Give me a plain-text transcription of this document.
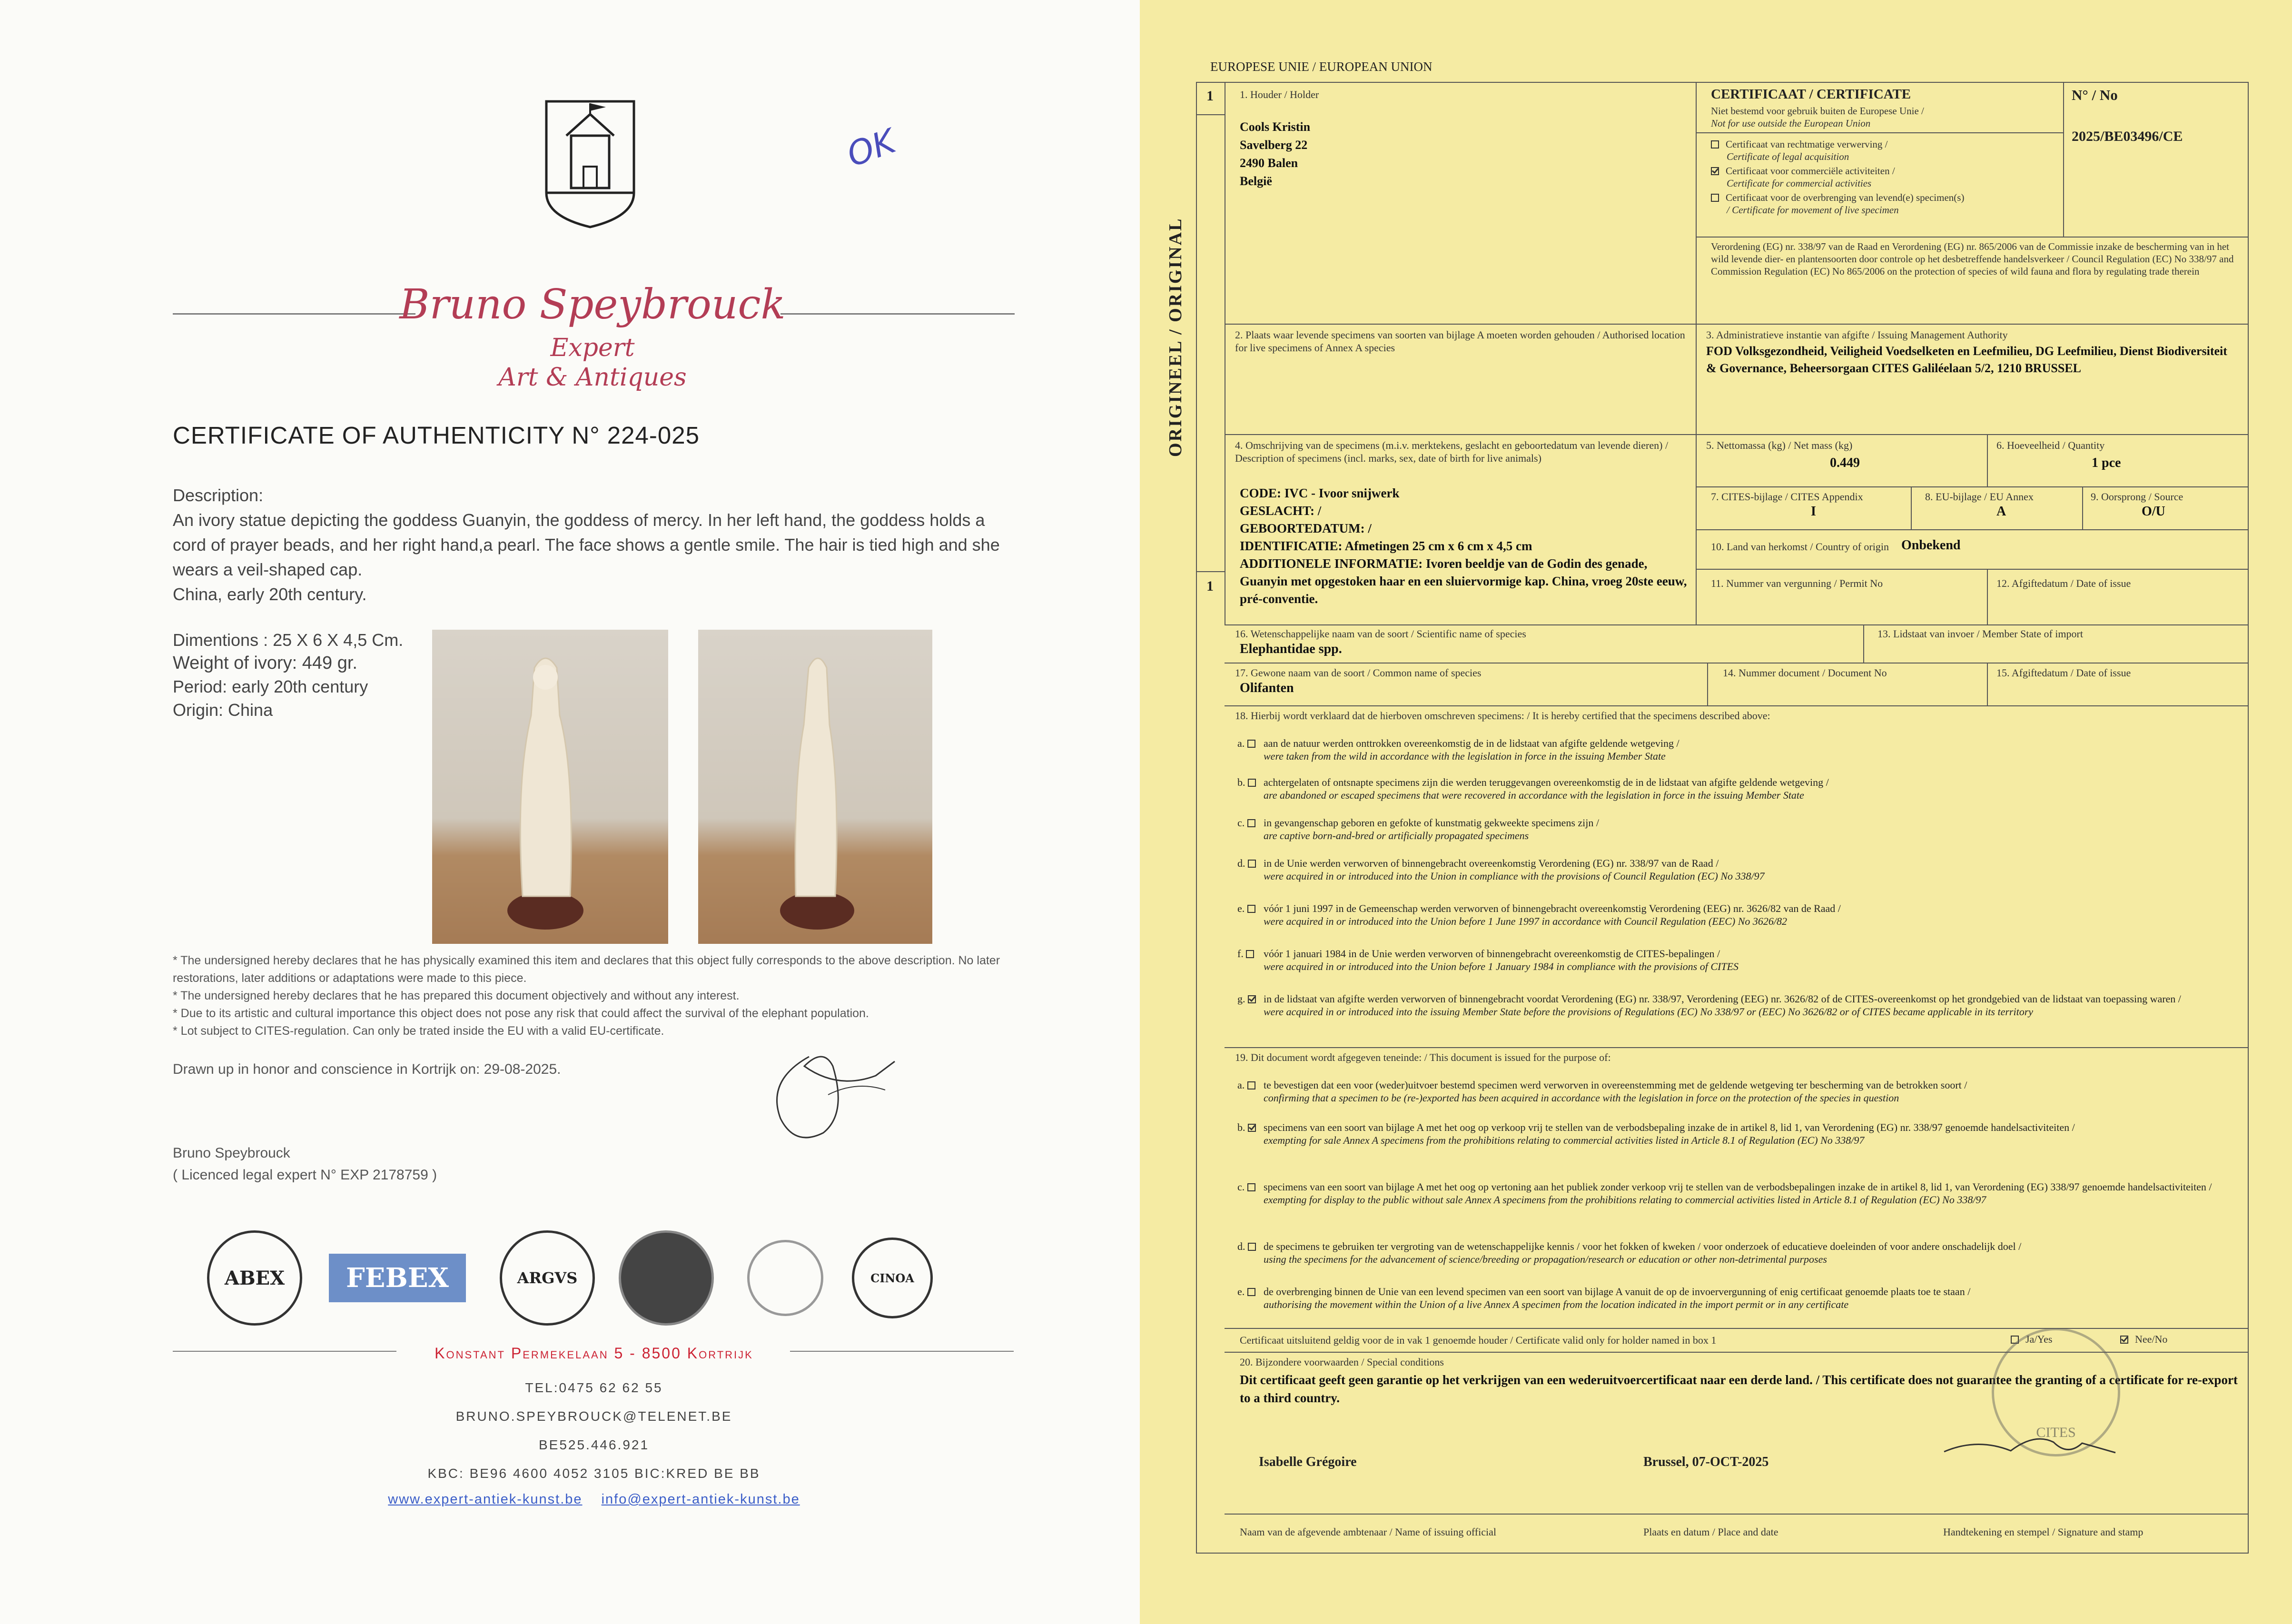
OK
Bruno Speybrouck
Expert
Art & Antiques
CERTIFICATE OF AUTHENTICITY N° 224-025
Description:
An ivory statue depicting the goddess Guanyin, the goddess of mercy. In her left hand, the goddess holds a cord of prayer beads, and her right hand,a pearl. The face shows a gentle smile. The hair is tied high and she wears a veil-shaped cap.
China, early 20th century.
Dimentions : 25 X 6 X 4,5 Cm.
Weight of ivory: 449 gr.
Period: early 20th century
Origin: China
* The undersigned hereby declares that he has physically examined this item and declares that this object fully corresponds to the above description. No later restorations, later additions or adaptations were made to this piece.
* The undersigned hereby declares that he has prepared this document objectively and without any interest.
* Due to its artistic and cultural importance this object does not pose any risk that could affect the survival of the elephant population.
* Lot subject to CITES-regulation. Can only be trated inside the EU with a valid EU-certificate.
Drawn up in honor and conscience in Kortrijk on: 29-08-2025.
Bruno Speybrouck
( Licenced legal expert N° EXP 2178759 )
ABEX	FEBEX	ARGVS	CINOA
Konstant Permekelaan 5 - 8500 Kortrijk
TEL:0475 62 62 55
BRUNO.SPEYBROUCK@TELENET.BE
BE525.446.921
KBC: BE96 4600 4052 3105 BIC:KRED BE BB
www.expert-antiek-kunst.be info@expert-antiek-kunst.be
EUROPESE UNIE / EUROPEAN UNION
1
1
ORIGINEEL / ORIGINAL
1. Houder / Holder
Cools Kristin
Savelberg 22
2490 Balen
België
CERTIFICAAT / CERTIFICATE
Niet bestemd voor gebruik buiten de Europese Unie /
Not for use outside the European Union
Certificaat van rechtmatige verwerving /
Certificate of legal acquisition
Certificaat voor commerciële activiteiten /
Certificate for commercial activities
Certificaat voor de overbrenging van levend(e) specimen(s)
/ Certificate for movement of live specimen
N° / No
2025/BE03496/CE
Verordening (EG) nr. 338/97 van de Raad en Verordening (EG) nr. 865/2006 van de Commissie inzake de bescherming van in het wild levende dier- en plantensoorten door controle op het desbetreffende handelsverkeer / Council Regulation (EC) No 338/97 and Commission Regulation (EC) No 865/2006 on the protection of species of wild fauna and flora by regulating trade therein
2. Plaats waar levende specimens van soorten van bijlage A moeten worden gehouden / Authorised location for live specimens of Annex A species
3. Administratieve instantie van afgifte / Issuing Management Authority
FOD Volksgezondheid, Veiligheid Voedselketen en Leefmilieu, DG Leefmilieu, Dienst Biodiversiteit & Governance, Beheersorgaan CITES Galiléelaan 5/2, 1210 BRUSSEL
4. Omschrijving van de specimens (m.i.v. merktekens, geslacht en geboortedatum van levende dieren) / Description of specimens (incl. marks, sex, date of birth for live animals)
CODE: IVC - Ivoor snijwerk
GESLACHT: /
GEBOORTEDATUM: /
IDENTIFICATIE: Afmetingen 25 cm x 6 cm x 4,5 cm
ADDITIONELE INFORMATIE: Ivoren beeldje van de Godin des genade, Guanyin met opgestoken haar en een sluiervormige kap. China, vroeg 20ste eeuw, pré-conventie.
5. Nettomassa (kg) / Net mass (kg)
0.449
6. Hoeveelheid / Quantity
1 pce
7. CITES-bijlage / CITES Appendix
I
8. EU-bijlage / EU Annex
A
9. Oorsprong / Source
O/U
10. Land van herkomst / Country of origin Onbekend
11. Nummer van vergunning / Permit No	12. Afgiftedatum / Date of issue
16. Wetenschappelijke naam van de soort / Scientific name of species
Elephantidae spp.
13. Lidstaat van invoer / Member State of import
17. Gewone naam van de soort / Common name of species
Olifanten
14. Nummer document / Document No	15. Afgiftedatum / Date of issue
18. Hierbij wordt verklaard dat de hierboven omschreven specimens: / It is hereby certified that the specimens described above:
a.	aan de natuur werden onttrokken overeenkomstig de in de lidstaat van afgifte geldende wetgeving /
were taken from the wild in accordance with the legislation in force in the issuing Member State
b.	achtergelaten of ontsnapte specimens zijn die werden teruggevangen overeenkomstig de in de lidstaat van afgifte geldende wetgeving /
are abandoned or escaped specimens that were recovered in accordance with the legislation in force in the issuing Member State
c.	in gevangenschap geboren en gefokte of kunstmatig gekweekte specimens zijn /
are captive born-and-bred or artificially propagated specimens
d.	in de Unie werden verworven of binnengebracht overeenkomstig Verordening (EG) nr. 338/97 van de Raad /
were acquired in or introduced into the Union in compliance with the provisions of Council Regulation (EC) No 338/97
e.	vóór 1 juni 1997 in de Gemeenschap werden verworven of binnengebracht overeenkomstig Verordening (EEG) nr. 3626/82 van de Raad /
were acquired in or introduced into the Union before 1 June 1997 in accordance with Council Regulation (EEC) No 3626/82
f.	vóór 1 januari 1984 in de Unie werden verworven of binnengebracht overeenkomstig de CITES-bepalingen /
were acquired in or introduced into the Union before 1 January 1984 in compliance with the provisions of CITES
g.	in de lidstaat van afgifte werden verworven of binnengebracht voordat Verordening (EG) nr. 338/97, Verordening (EEG) nr. 3626/82 of de CITES-overeenkomst op het grondgebied van de lidstaat van toepassing waren /
were acquired in or introduced into the issuing Member State before the provisions of Regulations (EC) No 338/97 or (EEC) No 3626/82 or of CITES became applicable in its territory
19. Dit document wordt afgegeven teneinde: / This document is issued for the purpose of:
a.	te bevestigen dat een voor (weder)uitvoer bestemd specimen werd verworven in overeenstemming met de geldende wetgeving ter bescherming van de betrokken soort /
confirming that a specimen to be (re-)exported has been acquired in accordance with the legislation in force on the protection of the species in question
b.	specimens van een soort van bijlage A met het oog op verkoop vrij te stellen van de verbodsbepaling inzake de in artikel 8, lid 1, van Verordening (EG) nr. 338/97 genoemde handelsactiviteiten /
exempting for sale Annex A specimens from the prohibitions relating to commercial activities listed in Article 8.1 of Regulation (EC) No 338/97
c.	specimens van een soort van bijlage A met het oog op vertoning aan het publiek zonder verkoop vrij te stellen van de verbodsbepalingen inzake de in artikel 8, lid 1, van Verordening (EG) 338/97 genoemde handelsactiviteiten /
exempting for display to the public without sale Annex A specimens from the prohibitions relating to commercial activities listed in Article 8.1 of Regulation (EC) No 338/97
d.	de specimens te gebruiken ter vergroting van de wetenschappelijke kennis / voor het fokken of kweken / voor onderzoek of educatieve doeleinden of voor andere onschadelijk doel /
using the specimens for the advancement of science/breeding or propagation/research or education or other non-detrimental purposes
e.	de overbrenging binnen de Unie van een levend specimen van een soort van bijlage A vanuit de op de invoervergunning of enig certificaat genoemde plaats toe te staan /
authorising the movement within the Union of a live Annex A specimen from the location indicated in the import permit or in any certificate
Certificaat uitsluitend geldig voor de in vak 1 genoemde houder / Certificate valid only for holder named in box 1	Ja/Yes	Nee/No
20. Bijzondere voorwaarden / Special conditions
Dit certificaat geeft geen garantie op het verkrijgen van een wederuitvoercertificaat naar een derde land. / This certificate does not guarantee the granting of a certificate for re-export to a third country.
Isabelle Grégoire	Brussel, 07-OCT-2025
CITES
Naam van de afgevende ambtenaar / Name of issuing official	Plaats en datum / Place and date	Handtekening en stempel / Signature and stamp
